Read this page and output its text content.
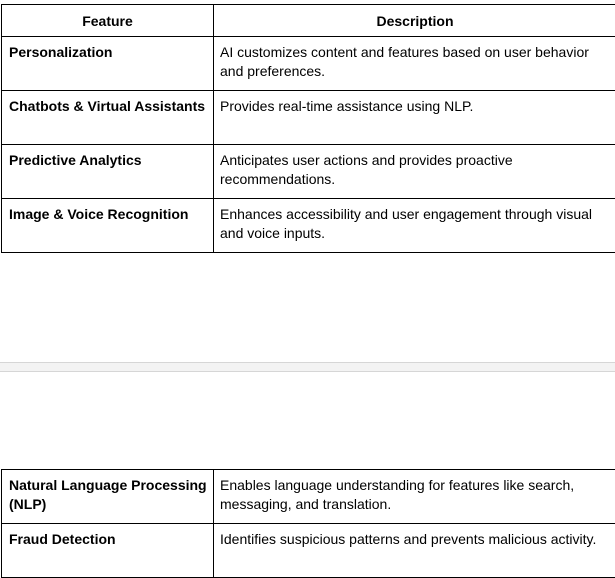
Feature	Description
Personalization	AI customizes content and features based on user behavior and preferences.
Chatbots & Virtual Assistants	Provides real-time assistance using NLP.
Predictive Analytics	Anticipates user actions and provides proactive recommendations.
Image & Voice Recognition	Enhances accessibility and user engagement through visual and voice inputs.
Natural Language Processing (NLP)	Enables language understanding for features like search, messaging, and translation.
Fraud Detection	Identifies suspicious patterns and prevents malicious activity.
